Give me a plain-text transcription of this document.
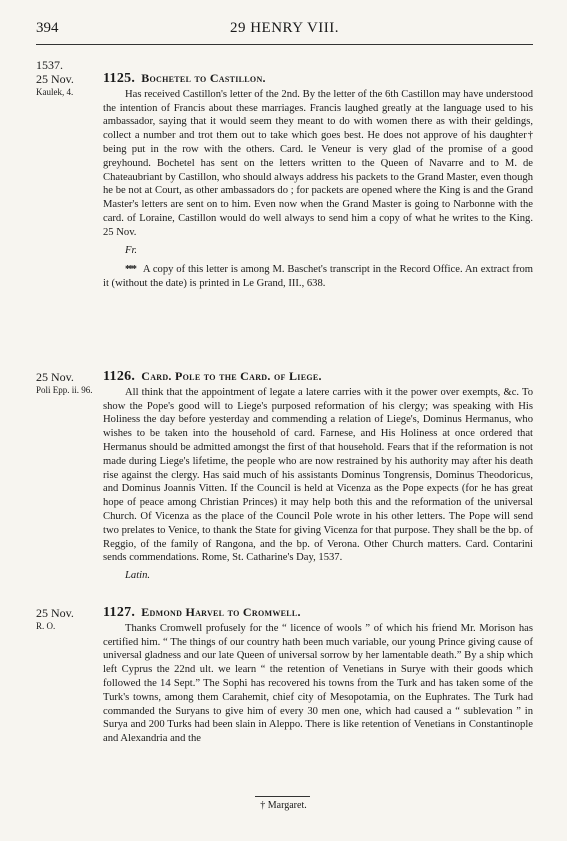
394	29 HENRY VIII.
1537.
25 Nov.
Kaulek, 4.
1125. Bochetel to Castillon.

Has received Castillon's letter of the 2nd. By the letter of the 6th Castillon may have understood the intention of Francis about these marriages. Francis laughed greatly at the language used to his ambassador, saying that it would seem they meant to do with women there as with their geldings, collect a number and trot them out to take which goes best. He does not approve of his daughter† being put in the row with the others. Card. le Veneur is very glad of the promise of a good greyhound. Bochetel has sent on the letters written to the Queen of Navarre and to M. de Chateaubriant by Castillon, who should always address his packets to the Grand Master, even though he be not at Court, as other ambassadors do ; for packets are opened where the King is and the Grand Master's letters are sent on to him. Even now when the Grand Master is going to Narbonne with the card. of Loraine, Castillon would do well always to send him a copy of what he writes to the King. 25 Nov.

Fr.

*** A copy of this letter is among M. Baschet's transcript in the Record Office. An extract from it (without the date) is printed in Le Grand, III., 638.

25 Nov.
Poli Epp. ii. 96.
1126. Card. Pole to the Card. of Liege.

All think that the appointment of legate a latere carries with it the power over exempts, &c. To show the Pope's good will to Liege's purposed reformation of his clergy; was speaking with His Holiness the day before yesterday and commending a relation of Liege's, Dominus Hermanus, who wishes to be taken into the household of card. Farnese, and His Holiness at once ordered that Hermanus should be admitted amongst the first of that household. Fears that if the reformation is not made during Liege's lifetime, the people who are now restrained by his authority may after his death rise against the clergy. Has said much of his assistants Dominus Tongrensis, Dominus Theodoricus, and Dominus Joannis Vitten. If the Council is held at Vicenza as the Pope expects (for he has great hope of peace among Christian Princes) it may help both this and the reformation of the universal Church. Of Vicenza as the place of the Council Pole wrote in his other letters. The Pope will send two prelates to Venice, to thank the State for giving Vicenza for that purpose. They shall be the bp. of Reggio, of the family of Rangona, and the bp. of Verona. Other Church matters. Card. Contarini sends commendations. Rome, St. Catharine's Day, 1537.

Latin.
25 Nov.
R. O.
1127. Edmond Harvel to Cromwell.

Thanks Cromwell profusely for the “ licence of wools ” of which his friend Mr. Morison has certified him. “ The things of our country hath been much variable, our young Prince giving cause of universal gladness and our late Queen of universal sorrow by her lamentable death.” By a ship which left Cyprus the 22nd ult. we learn “ the retention of Venetians in Surye with their goods which followed the 14 Sept.” The Sophi has recovered his towns from the Turk and has taken some of the Turk's towns, among them Carahemit, chief city of Mesopotamia, on the Euphrates. The Turk had commanded the Suryans to give him of every 30 men one, which had caused a “ sublevation ” in Surya and 200 Turks had been slain in Aleppo. There is like retention of Venetians in Constantinople and Alexandria and the

† Margaret.
